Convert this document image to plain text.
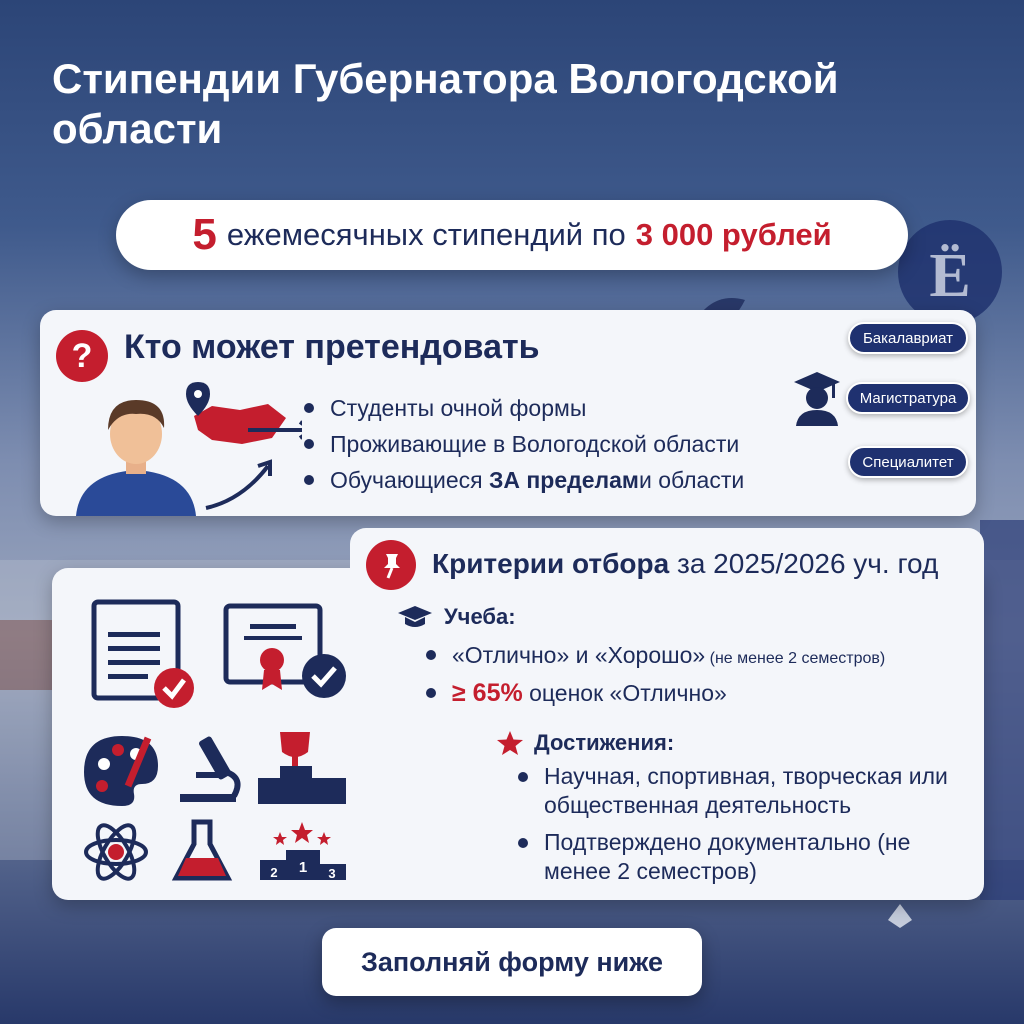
Ё
Стипендии Губернатора Вологодской области
5 ежемесячных стипендий по 3 000 рублей
? Кто может претендовать
Студенты очной формы
Проживающие в Вологодской области
Обучающиеся ЗА пределами области
Бакалавриат
Магистратура
Специалитет
Критерии отбора за 2025/2026 уч. год
1
2	3
Учеба:
«Отлично» и «Хорошо» (не менее 2 семестров)
≥ 65% оценок «Отлично»
Достижения:
Научная, спортивная, творческая или общественная деятельность
Подтверждено документально (не менее 2 семестров)
Заполняй форму ниже
